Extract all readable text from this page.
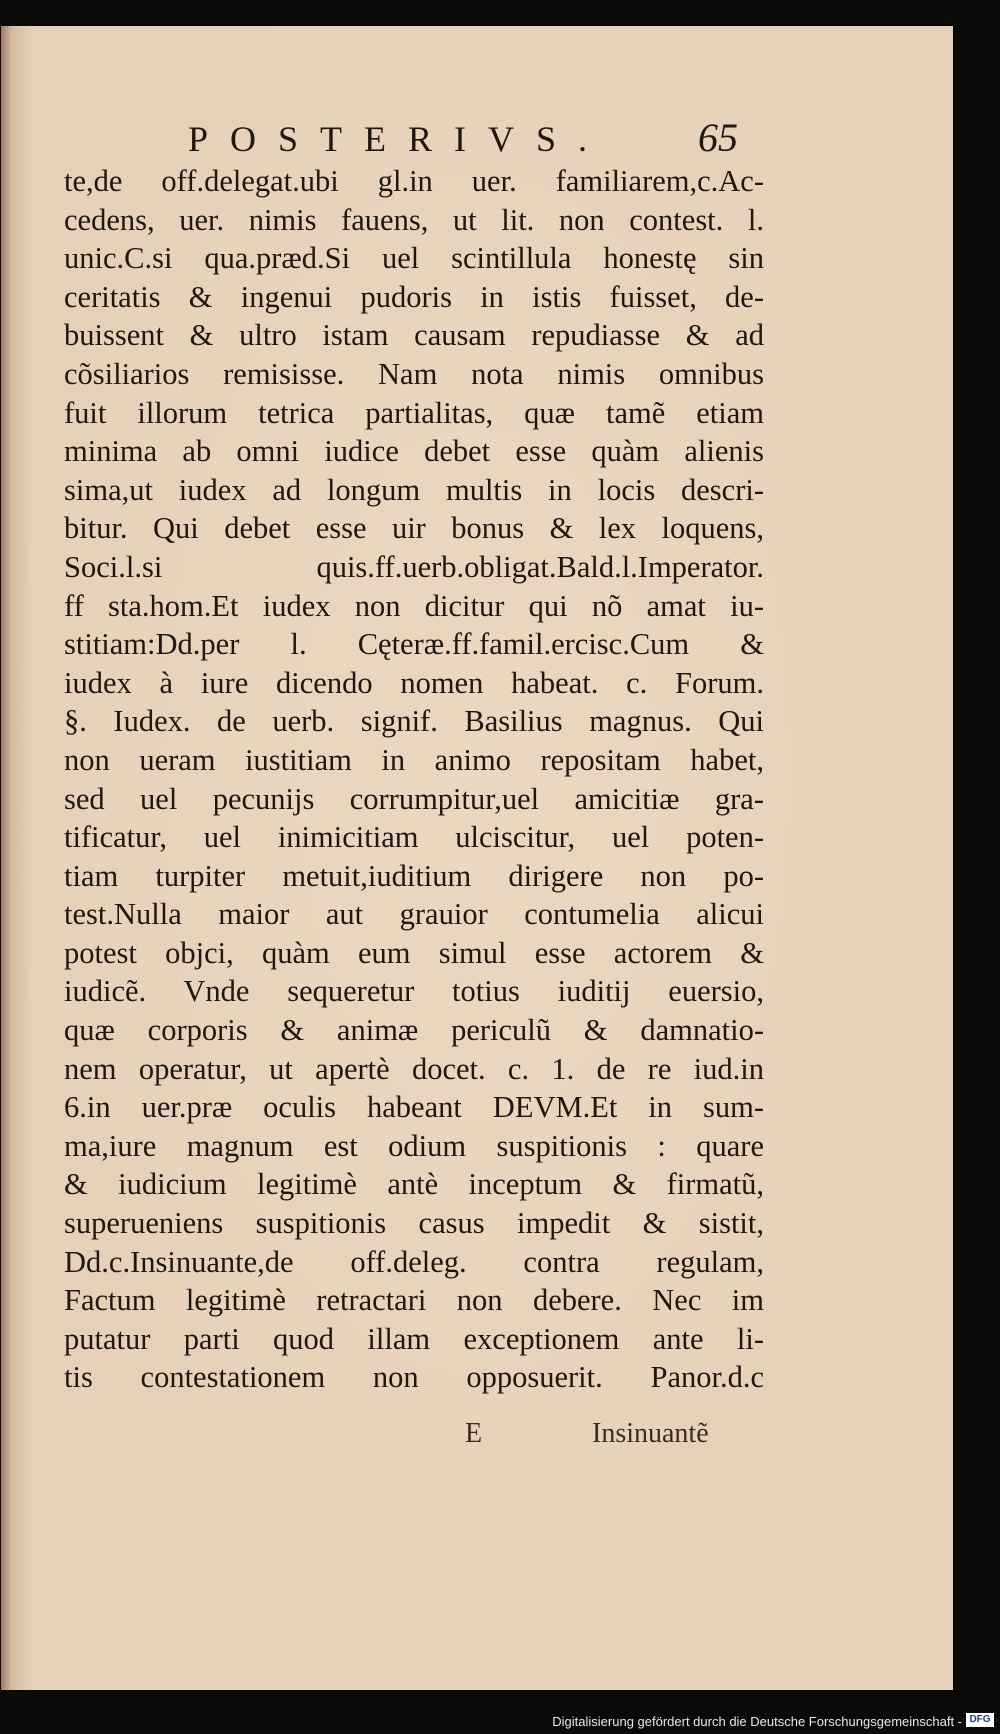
POSTERIVS. 65
te,de off.delegat.ubi gl.in uer. familiarem,c.Ac-
cedens, uer. nimis fauens, ut lit. non contest. l.
unic.C.si qua.præd.Si uel scintillula honestę sin
ceritatis & ingenui pudoris in istis fuisset, de-
buissent & ultro istam causam repudiasse & ad
cõsiliarios remisisse. Nam nota nimis omnibus
fuit illorum tetrica partialitas, quæ tamẽ etiam
minima ab omni iudice debet esse quàm alienis
sima,ut iudex ad longum multis in locis descri-
bitur. Qui debet esse uir bonus & lex loquens,
Soci.l.si quis.ff.uerb.obligat.Bald.l.Imperator.
ff sta.hom.Et iudex non dicitur qui nõ amat iu-
stitiam:Dd.per l. Cęteræ.ff.famil.ercisc.Cum &
iudex à iure dicendo nomen habeat. c. Forum.
§. Iudex. de uerb. signif. Basilius magnus. Qui
non ueram iustitiam in animo repositam habet,
sed uel pecunijs corrumpitur,uel amicitiæ gra-
tificatur, uel inimicitiam ulciscitur, uel poten-
tiam turpiter metuit,iuditium dirigere non po-
test.Nulla maior aut grauior contumelia alicui
potest objci, quàm eum simul esse actorem &
iudicẽ. Vnde sequeretur totius iuditij euersio,
quæ corporis & animæ periculũ & damnatio-
nem operatur, ut apertè docet. c. 1. de re iud.in
6.in uer.præ oculis habeant DEVM.Et in sum-
ma,iure magnum est odium suspitionis : quare
& iudicium legitimè antè inceptum & firmatũ,
superueniens suspitionis casus impedit & sistit,
Dd.c.Insinuante,de off.deleg. contra regulam,
Factum legitimè retractari non debere. Nec im
putatur parti quod illam exceptionem ante li-
tis contestationem non opposuerit. Panor.d.c
E	Insinuantẽ
Digitalisierung gefördert durch die Deutsche Forschungsgemeinschaft - DFG
